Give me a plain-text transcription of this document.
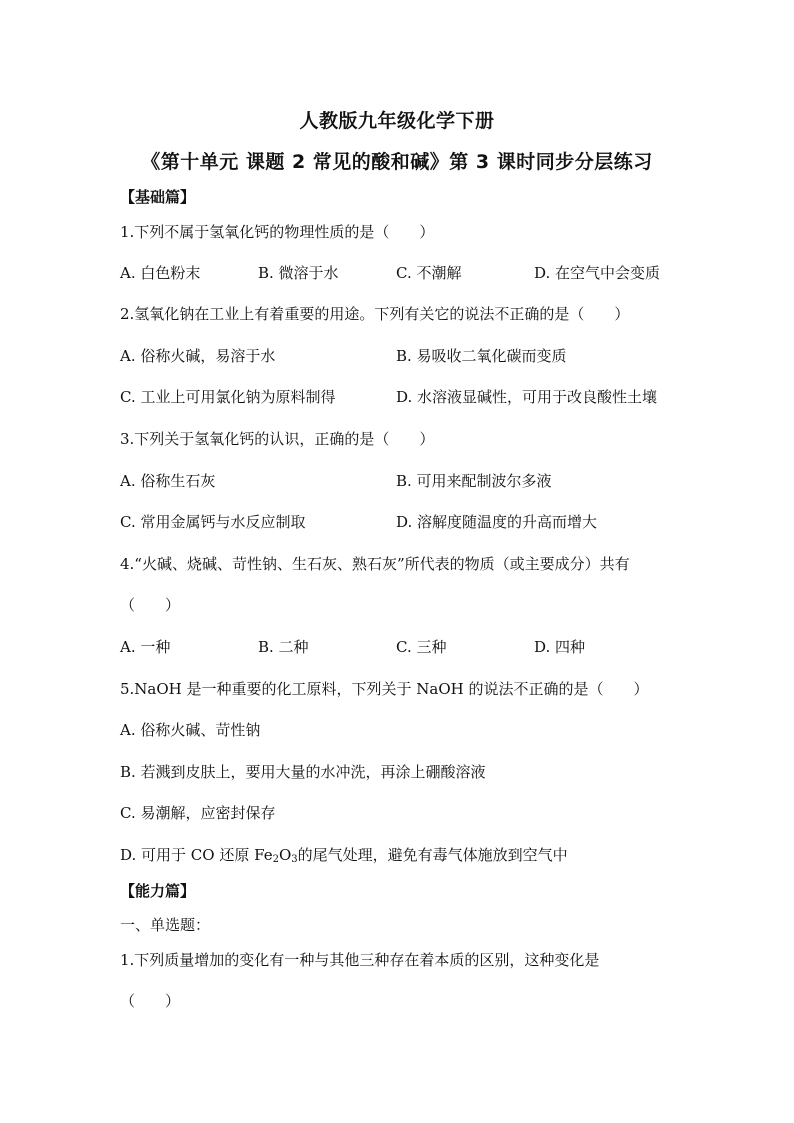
人教版九年级化学下册
《第十单元 课题 2 常见的酸和碱》第 3 课时同步分层练习
【基础篇】
1.下列不属于氢氧化钙的物理性质的是（　　）
A. 白色粉末	B. 微溶于水	C. 不潮解	D. 在空气中会变质
2.氢氧化钠在工业上有着重要的用途。下列有关它的说法不正确的是（　　）
A. 俗称火碱，易溶于水	B. 易吸收二氧化碳而变质
C. 工业上可用氯化钠为原料制得	D. 水溶液显碱性，可用于改良酸性土壤
3.下列关于氢氧化钙的认识，正确的是（　　）
A. 俗称生石灰	B. 可用来配制波尔多液
C. 常用金属钙与水反应制取	D. 溶解度随温度的升高而增大
4.“火碱、烧碱、苛性钠、生石灰、熟石灰”所代表的物质（或主要成分）共有
（　　）
A. 一种	B. 二种	C. 三种	D. 四种
5.NaOH 是一种重要的化工原料，下列关于 NaOH 的说法不正确的是（　　）
A. 俗称火碱、苛性钠
B. 若溅到皮肤上，要用大量的水冲洗，再涂上硼酸溶液
C. 易潮解，应密封保存
D. 可用于 CO 还原 $Fe_2O_3$的尾气处理，避免有毒气体施放到空气中
【能力篇】
一、单选题：
1.下列质量增加的变化有一种与其他三种存在着本质的区别，这种变化是
（　　）
